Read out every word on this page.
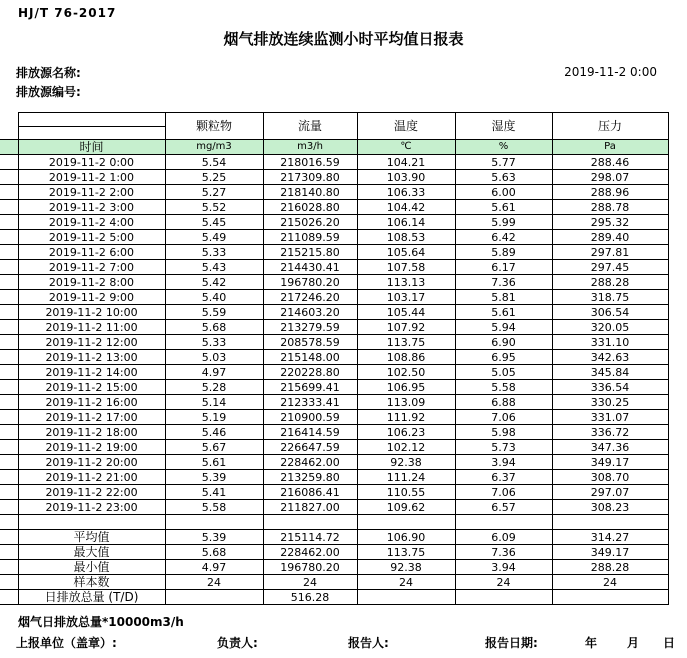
HJ/T 76-2017
烟气排放连续监测小时平均值日报表
排放源名称:
排放源编号:
2019-11-2 0:00
		颗粒物	流量	温度	湿度	压力

	时间	mg/m3	m3/h	℃	%	Pa
	2019-11-2 0:00	5.54	218016.59	104.21	5.77	288.46
	2019-11-2 1:00	5.25	217309.80	103.90	5.63	298.07
	2019-11-2 2:00	5.27	218140.80	106.33	6.00	288.96
	2019-11-2 3:00	5.52	216028.80	104.42	5.61	288.78
	2019-11-2 4:00	5.45	215026.20	106.14	5.99	295.32
	2019-11-2 5:00	5.49	211089.59	108.53	6.42	289.40
	2019-11-2 6:00	5.33	215215.80	105.64	5.89	297.81
	2019-11-2 7:00	5.43	214430.41	107.58	6.17	297.45
	2019-11-2 8:00	5.42	196780.20	113.13	7.36	288.28
	2019-11-2 9:00	5.40	217246.20	103.17	5.81	318.75
	2019-11-2 10:00	5.59	214603.20	105.44	5.61	306.54
	2019-11-2 11:00	5.68	213279.59	107.92	5.94	320.05
	2019-11-2 12:00	5.33	208578.59	113.75	6.90	331.10
	2019-11-2 13:00	5.03	215148.00	108.86	6.95	342.63
	2019-11-2 14:00	4.97	220228.80	102.50	5.05	345.84
	2019-11-2 15:00	5.28	215699.41	106.95	5.58	336.54
	2019-11-2 16:00	5.14	212333.41	113.09	6.88	330.25
	2019-11-2 17:00	5.19	210900.59	111.92	7.06	331.07
	2019-11-2 18:00	5.46	216414.59	106.23	5.98	336.72
	2019-11-2 19:00	5.67	226647.59	102.12	5.73	347.36
	2019-11-2 20:00	5.61	228462.00	92.38	3.94	349.17
	2019-11-2 21:00	5.39	213259.80	111.24	6.37	308.70
	2019-11-2 22:00	5.41	216086.41	110.55	7.06	297.07
	2019-11-2 23:00	5.58	211827.00	109.62	6.57	308.23

	平均值	5.39	215114.72	106.90	6.09	314.27
	最大值	5.68	228462.00	113.75	7.36	349.17
	最小值	4.97	196780.20	92.38	3.94	288.28
	样本数	24	24	24	24	24
	日排放总量 (T/D)		516.28			
烟气日排放总量*10000m3/h
上报单位（盖章）:	负责人:	报告人:	报告日期:	年 月 日
